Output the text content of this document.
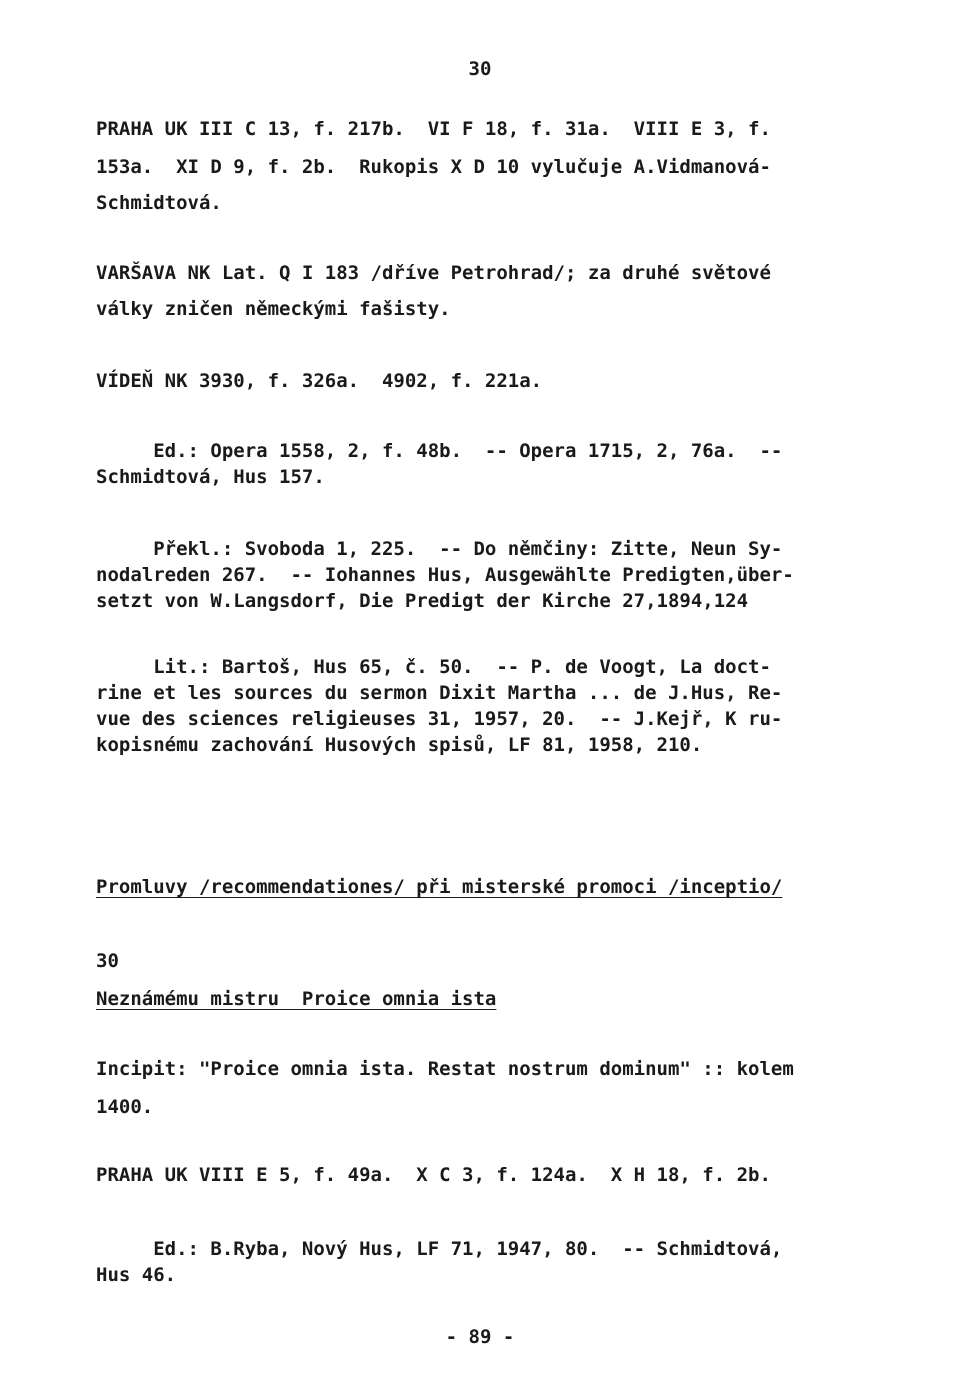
30
PRAHA UK III C 13, f. 217b.  VI F 18, f. 31a.  VIII E 3, f.
153a.  XI D 9, f. 2b.  Rukopis X D 10 vylučuje A.Vidmanová-
Schmidtová.
VARŠAVA NK Lat. Q I 183 /dříve Petrohrad/; za druhé světové
války zničen německými fašisty.
VÍDEŇ NK 3930, f. 326a.  4902, f. 221a.
Ed.: Opera 1558, 2, f. 48b.  -- Opera 1715, 2, 76a.  --
Schmidtová, Hus 157.
Překl.: Svoboda 1, 225.  -- Do němčiny: Zitte, Neun Sy-
nodalreden 267.  -- Iohannes Hus, Ausgewählte Predigten,über-
setzt von W.Langsdorf, Die Predigt der Kirche 27,1894,124
Lit.: Bartoš, Hus 65, č. 50.  -- P. de Voogt, La doct-
rine et les sources du sermon Dixit Martha ... de J.Hus, Re-
vue des sciences religieuses 31, 1957, 20.  -- J.Kejř, K ru-
kopisnému zachování Husových spisů, LF 81, 1958, 210.
Promluvy /recommendationes/ při misterské promoci /inceptio/
30
Neznámému mistru  Proice omnia ista
Incipit: "Proice omnia ista. Restat nostrum dominum" :: kolem
1400.
PRAHA UK VIII E 5, f. 49a.  X C 3, f. 124a.  X H 18, f. 2b.
Ed.: B.Ryba, Nový Hus, LF 71, 1947, 80.  -- Schmidtová,
Hus 46.
- 89 -
